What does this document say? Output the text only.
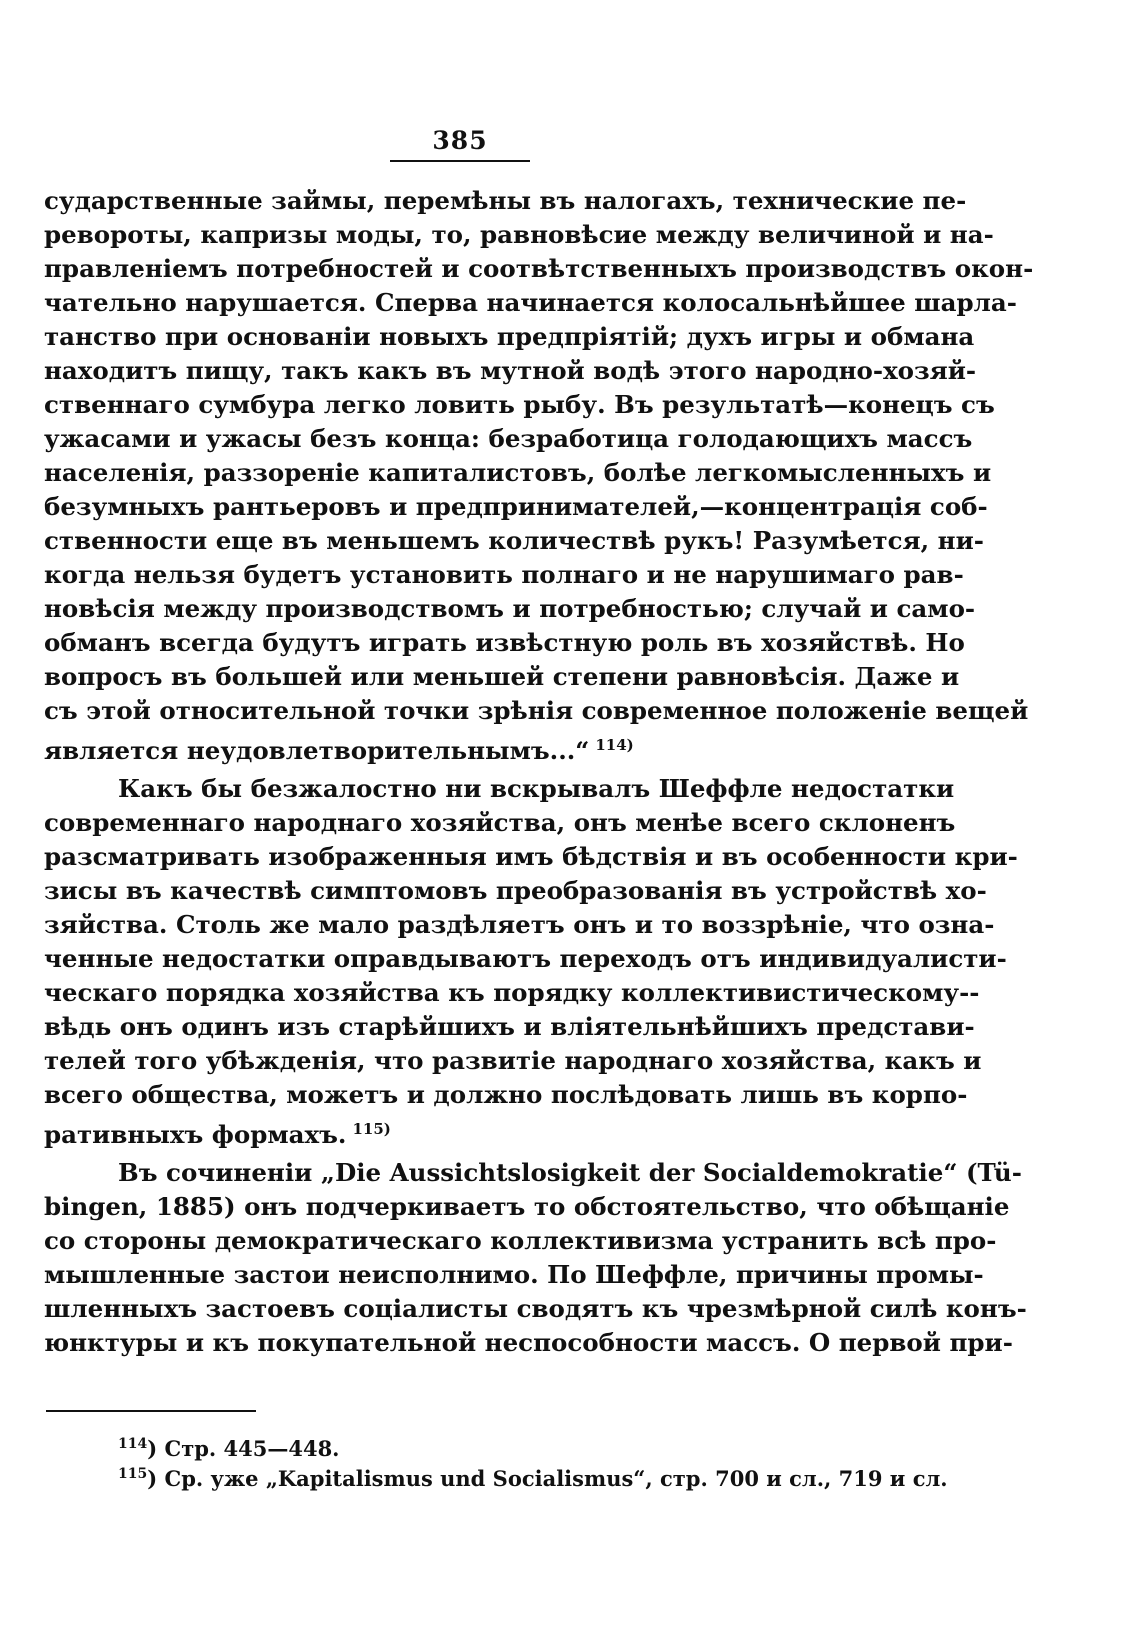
385
сударственные займы, перемѣны въ налогахъ, технические пе-
ревороты, капризы моды, то, равновѣсие между величиной и на-
правленіемъ потребностей и соотвѣтственныхъ производствъ окон-
чательно нарушается. Сперва начинается колосальнѣйшее шарла-
танство при основаніи новыхъ предпріятій; духъ игры и обмана
находитъ пищу, такъ какъ въ мутной водѣ этого народно-хозяй-
ственнаго сумбура легко ловить рыбу. Въ результатѣ—конецъ съ
ужасами и ужасы безъ конца: безработица голодающихъ массъ
населенія, раззореніе капиталистовъ, болѣе легкомысленныхъ и
безумныхъ рантьеровъ и предпринимателей,—концентрація соб-
ственности еще въ меньшемъ количествѣ рукъ! Разумѣется, ни-
когда нельзя будетъ установить полнаго и не нарушимаго рав-
новѣсія между производствомъ и потребностью; случай и само-
обманъ всегда будутъ играть извѣстную роль въ хозяйствѣ. Но
вопросъ въ большей или меньшей степени равновѣсія. Даже и
съ этой относительной точки зрѣнія современное положеніе вещей
является неудовлетворительнымъ...“ $^{114)}$
Какъ бы безжалостно ни вскрывалъ Шеффле недостатки
современнаго народнаго хозяйства, онъ менѣе всего склоненъ
разсматривать изображенныя имъ бѣдствія и въ особенности кри-
зисы въ качествѣ симптомовъ преобразованія въ устройствѣ хо-
зяйства. Столь же мало раздѣляетъ онъ и то воззрѣніе, что озна-
ченные недостатки оправдываютъ переходъ отъ индивидуалисти-
ческаго порядка хозяйства къ порядку коллективистическому--
вѣдь онъ одинъ изъ старѣйшихъ и вліятельнѣйшихъ представи-
телей того убѣжденія, что развитіе народнаго хозяйства, какъ и
всего общества, можетъ и должно послѣдовать лишь въ корпо-
ративныхъ формахъ. $^{115)}$
Въ сочиненіи „Die Aussichtslosigkeit der Socialdemokratie“ (Tü-
bingen, 1885) онъ подчеркиваетъ то обстоятельство, что обѣщаніе
со стороны демократическаго коллективизма устранить всѣ про-
мышленные застои неисполнимо. По Шеффле, причины промы-
шленныхъ застоевъ соціалисты сводятъ къ чрезмѣрной силѣ конъ-
юнктуры и къ покупательной неспособности массъ. О первой при-
$^{114}$) Стр. 445—448.
$^{115}$) Ср. уже „Kapitalismus und Socialismus“, стр. 700 и сл., 719 и сл.
